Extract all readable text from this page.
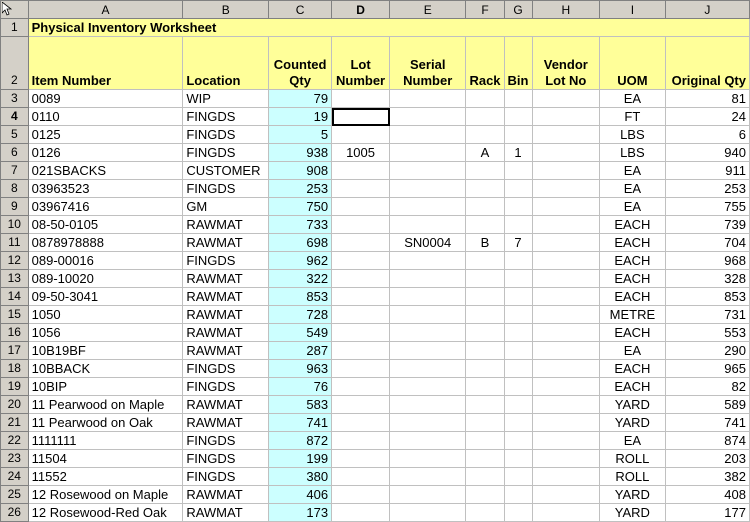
	A	B	C	D	E	F	G	H	I	J
1	Physical Inventory Worksheet									
2	Item Number	Location	Counted Qty	Lot Number	Serial Number	Rack	Bin	Vendor Lot No	UOM	Original Qty
3	0089	WIP	79						EA	81
4	0110	FINGDS	19						FT	24
5	0125	FINGDS	5						LBS	6
6	0126	FINGDS	938	1005		A	1		LBS	940
7	021SBACKS	CUSTOMER	908						EA	911
8	03963523	FINGDS	253						EA	253
9	03967416	GM	750						EA	755
10	08-50-0105	RAWMAT	733						EACH	739
11	0878978888	RAWMAT	698		SN0004	B	7		EACH	704
12	089-00016	FINGDS	962						EACH	968
13	089-10020	RAWMAT	322						EACH	328
14	09-50-3041	RAWMAT	853						EACH	853
15	1050	RAWMAT	728						METRE	731
16	1056	RAWMAT	549						EACH	553
17	10B19BF	RAWMAT	287						EA	290
18	10BBACK	FINGDS	963						EACH	965
19	10BIP	FINGDS	76						EACH	82
20	11 Pearwood on Maple	RAWMAT	583						YARD	589
21	11 Pearwood on Oak	RAWMAT	741						YARD	741
22	1111111	FINGDS	872						EA	874
23	11504	FINGDS	199						ROLL	203
24	11552	FINGDS	380						ROLL	382
25	12 Rosewood on Maple	RAWMAT	406						YARD	408
26	12 Rosewood-Red Oak	RAWMAT	173						YARD	177
